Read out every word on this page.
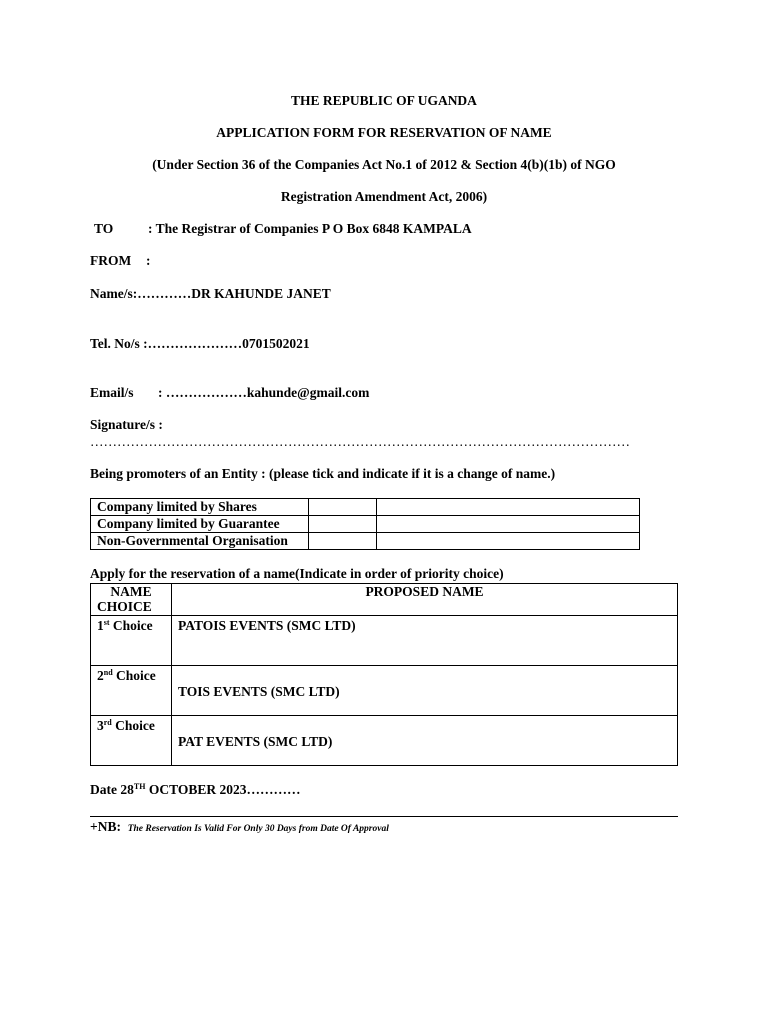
THE REPUBLIC OF UGANDA
APPLICATION FORM FOR RESERVATION OF NAME
(Under Section 36 of the Companies Act No.1 of 2012 & Section 4(b)(1b) of NGO
Registration Amendment Act, 2006)
TO	: The Registrar of Companies P O Box 6848 KAMPALA
FROM :
Name/s:…………DR KAHUNDE JANET
Tel. No/s :…………………0701502021
Email/s : ………………kahunde@gmail.com
Signature/s :
…………………………………………………………………………………………………………
Being promoters of an Entity : (please tick and indicate if it is a change of name.)
Company limited by Shares		
Company limited by Guarantee		
Non-Governmental Organisation		
Apply for the reservation of a name(Indicate in order of priority choice)
NAME
CHOICE	PROPOSED NAME
1st Choice	PATOIS EVENTS (SMC LTD)
2nd Choice	TOIS EVENTS (SMC LTD)

3rd Choice	PAT EVENTS (SMC LTD)
Date 28TH OCTOBER 2023…………
+NB: The Reservation Is Valid For Only 30 Days from Date Of Approval
